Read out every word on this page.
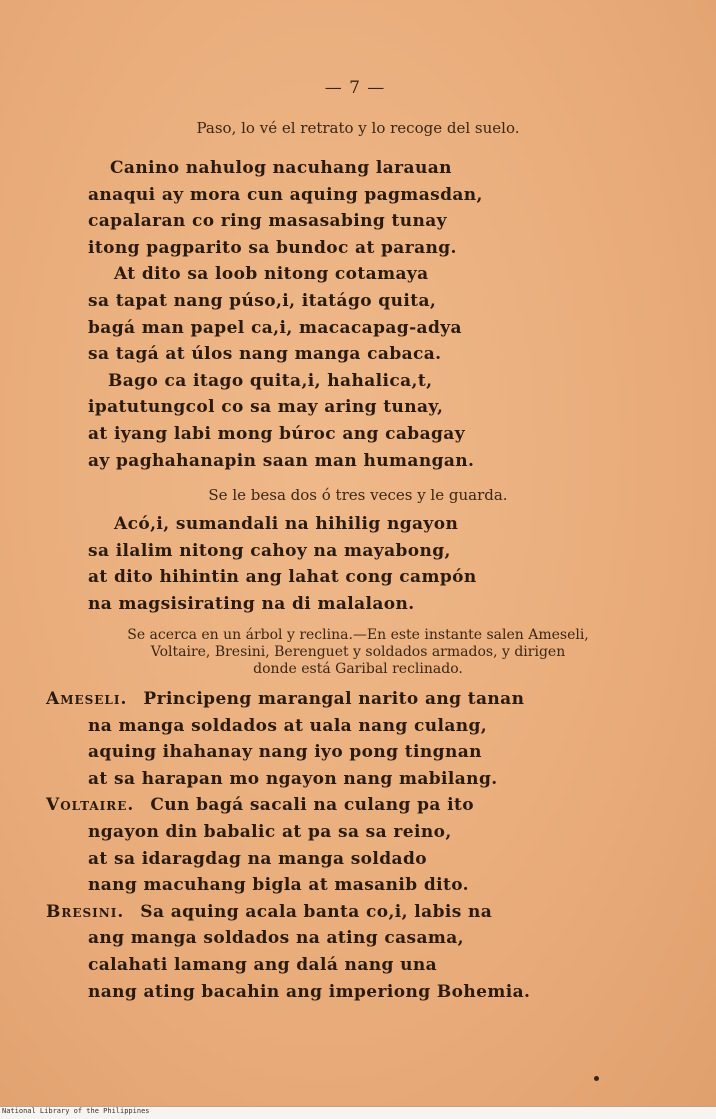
— 7 —
Paso, lo vé el retrato y lo recoge del suelo.
Canino nahulog nacuhang larauan
anaqui ay mora cun aquing pagmasdan,
capalaran co ring masasabing tunay
itong pagparito sa bundoc at parang.
At dito sa loob nitong cotamaya
sa tapat nang púso,i, itatágo quita,
bagá man papel ca,i, macacapag-adya
sa tagá at úlos nang manga cabaca.
Bago ca itago quita,i, hahalica,t,
ipatutungcol co sa may aring tunay,
at iyang labi mong búroc ang cabagay
ay paghahanapin saan man humangan.
Se le besa dos ó tres veces y le guarda.
Acó,i, sumandali na hihilig ngayon
sa ilalim nitong cahoy na mayabong,
at dito hihintin ang lahat cong campón
na magsisirating na di malalaon.
Se acerca en un árbol y reclina.—En este instante salen Ameseli,
Voltaire, Bresini, Berenguet y soldados armados, y dirigen
donde está Garibal reclinado.
Ameseli. Principeng marangal narito ang tanan
na manga soldados at uala nang culang,
aquing ihahanay nang iyo pong tingnan
at sa harapan mo ngayon nang mabilang.
Voltaire. Cun bagá sacali na culang pa ito
ngayon din babalic at pa sa sa reino,
at sa idaragdag na manga soldado
nang macuhang bigla at masanib dito.
Bresini. Sa aquing acala banta co,i, labis na
ang manga soldados na ating casama,
calahati lamang ang dalá nang una
nang ating bacahin ang imperiong Bohemia.
National Library of the Philippines
